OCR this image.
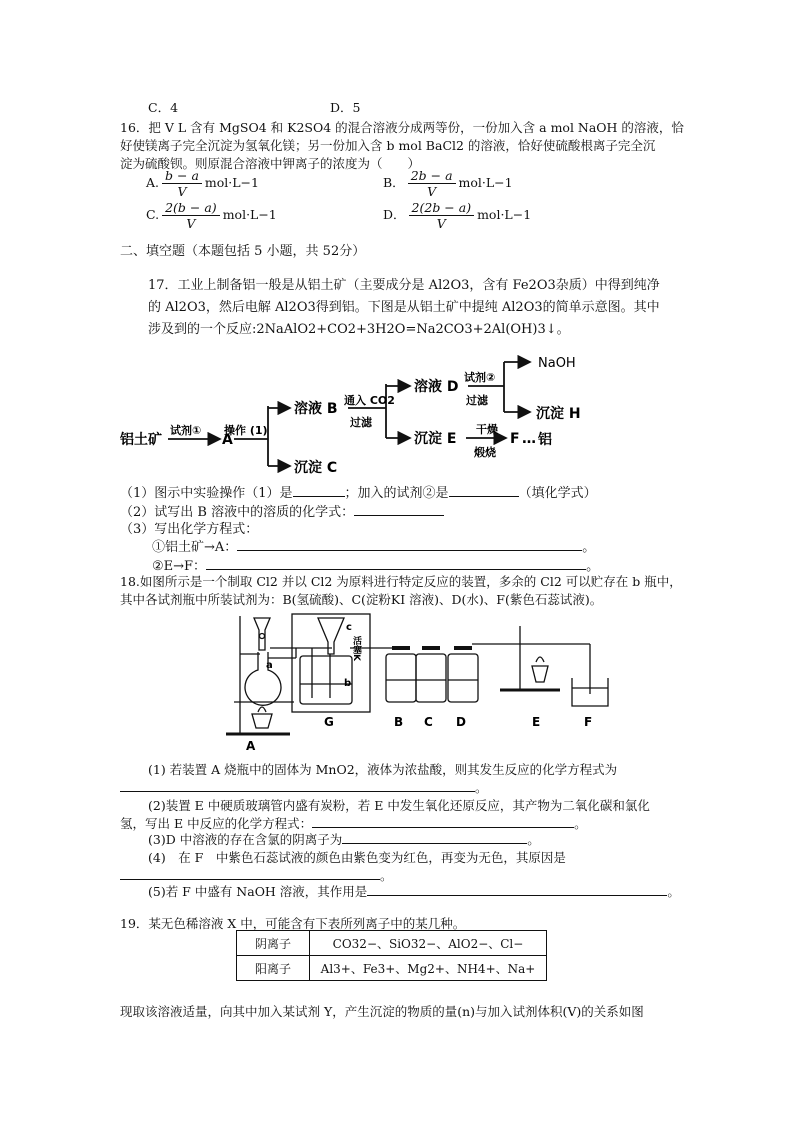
C．4	D．5
16．把 V L 含有 MgSO4 和 K2SO4 的混合溶液分成两等份，一份加入含 a mol NaOH 的溶液，恰
好使镁离子完全沉淀为氢氧化镁；另一份加入含 b mol BaCl2 的溶液，恰好使硫酸根离子完全沉
淀为硫酸钡。则原混合溶液中钾离子的浓度为（　　）
A. $\frac{b - a}{V} mol\cdot L-1$	B． $\frac{2b - a}{V} mol\cdot L-1$
C. $\frac{2(b - a)}{V} mol\cdot L-1$	D． $\frac{2(2b - a)}{V} mol\cdot L-1$
二、填空题（本题包括 5 小题，共 52分）
17．工业上制备铝一般是从铝土矿（主要成分是 Al2O3，含有 Fe2O3杂质）中得到纯净
的 Al2O3，然后电解 Al2O3得到铝。下图是从铝土矿中提纯 Al2O3的简单示意图。其中
涉及到的一个反应:2NaAlO2+CO2+3H2O=Na2CO3+2Al(OH)3↓。
铝土矿
试剂①
A
操作 (1)
溶液 B
沉淀 C
通入 CO2
过滤
溶液 D
试剂②
过滤
NaOH
沉淀 H
沉淀 E
干燥
煅烧
F … 铝
（1）图示中实验操作（1）是	；加入的试剂②是	（填化学式）
（2）试写出 B 溶液中的溶质的化学式：
（3）写出化学方程式：
①铝土矿→A：	。
②E→F：	。
18.如图所示是一个制取 Cl2 并以 Cl2 为原料进行特定反应的装置，多余的 Cl2 可以贮存在 b 瓶中，
其中各试剂瓶中所装试剂为：B(氢硫酸)、C(淀粉KI 溶液)、D(水)、F(紫色石蕊试液)。
a
b
c
活塞K
A
G	B C D	E	F
(1) 若装置 A 烧瓶中的固体为 MnO2，液体为浓盐酸，则其发生反应的化学方程式为
。
(2)装置 E 中硬质玻璃管内盛有炭粉，若 E 中发生氧化还原反应，其产物为二氧化碳和氯化
氢，写出 E 中反应的化学方程式：	。
(3)D 中溶液的存在含氯的阴离子为	。
(4)　在 F　中紫色石蕊试液的颜色由紫色变为红色，再变为无色，其原因是
。
(5)若 F 中盛有 NaOH 溶液，其作用是	。
19．某无色稀溶液 X 中，可能含有下表所列离子中的某几种。
阴离子	CO32−、SiO32−、AlO2−、Cl−
阳离子	Al3+、Fe3+、Mg2+、NH4+、Na+
现取该溶液适量，向其中加入某试剂 Y，产生沉淀的物质的量(n)与加入试剂体积(V)的关系如图
